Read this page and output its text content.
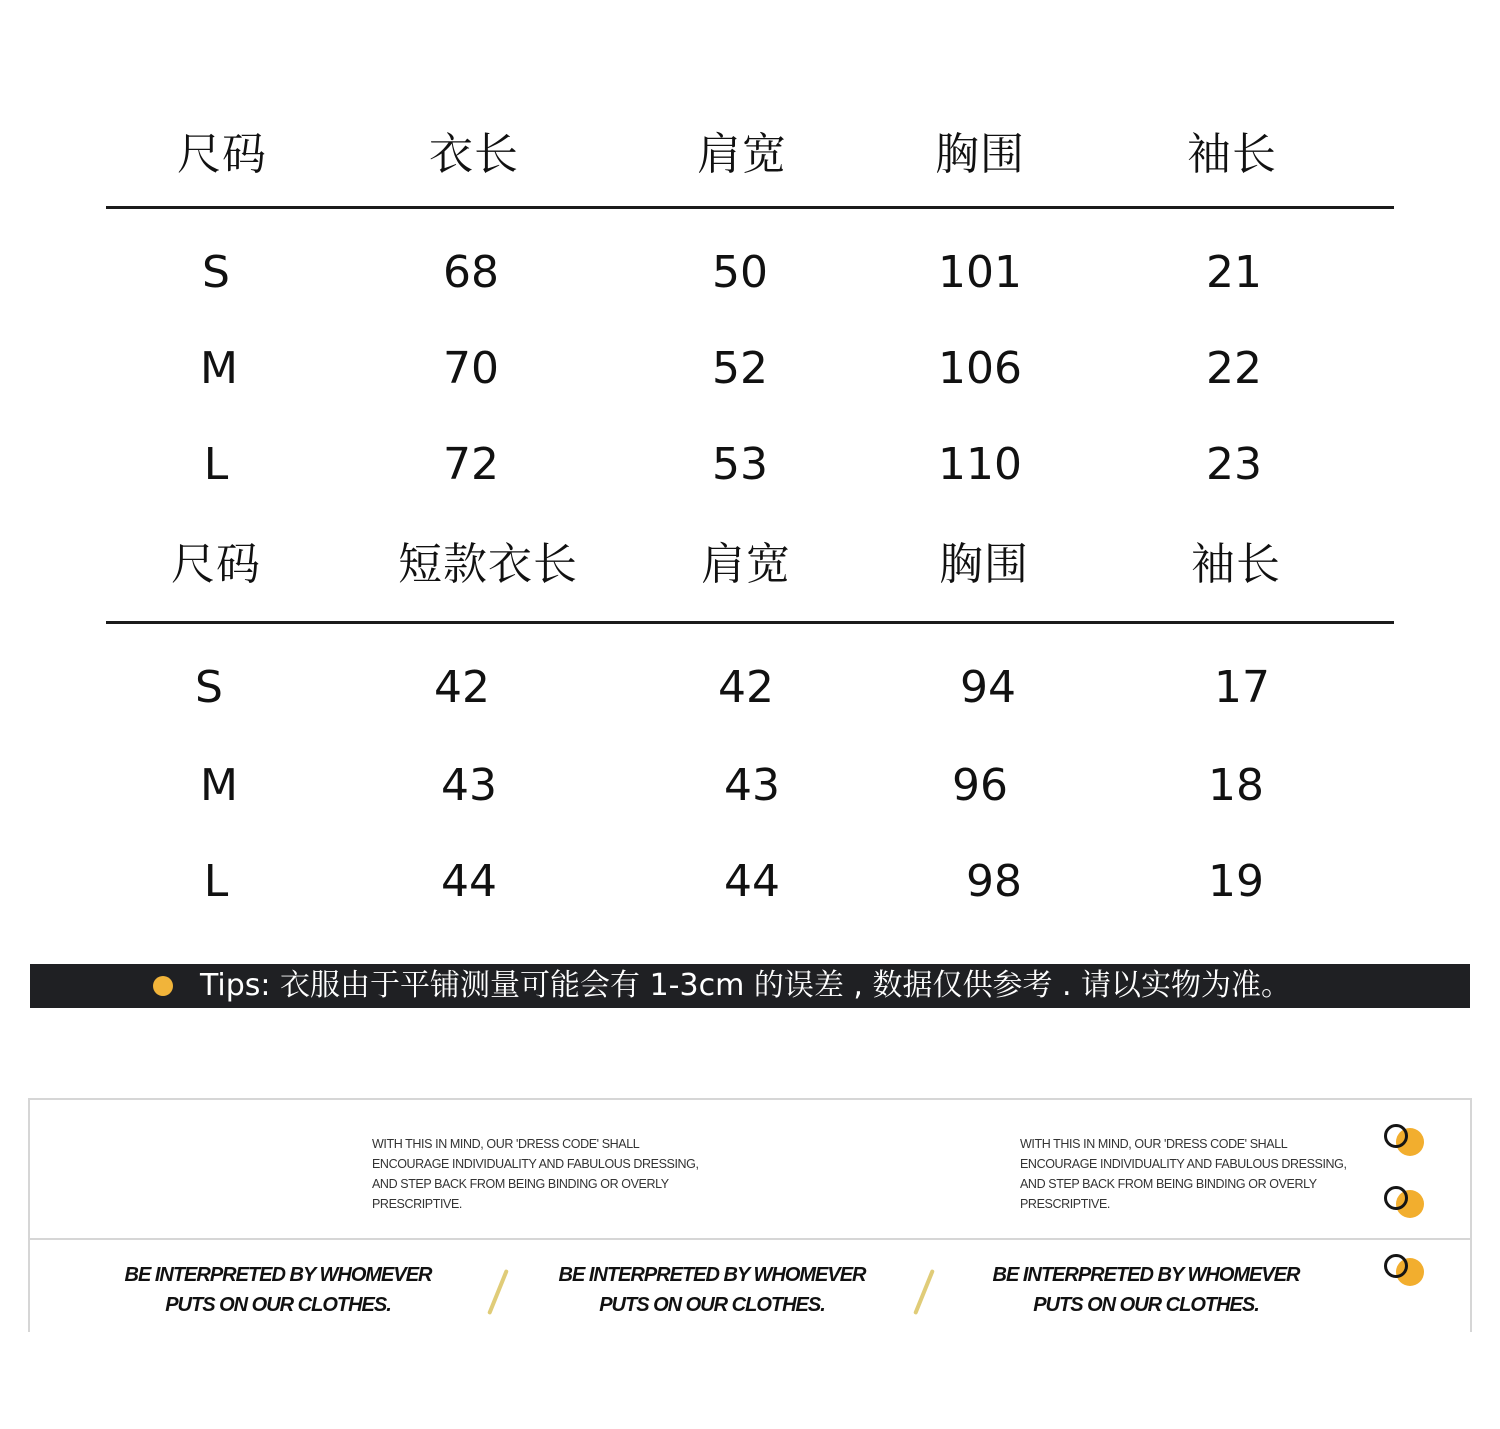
尺码	衣长	肩宽	胸围	袖长
S	68	50	101	21
M	70	52	106	22
L	72	53	110	23
尺码	短款衣长	肩宽	胸围	袖长
S	42	42	94	17
M	43	43	96	18
L	44	44	98	19
Tips: 衣服由于平铺测量可能会有 1-3cm 的误差 , 数据仅供参考 . 请以实物为准。
WITH THIS IN MIND, OUR 'DRESS CODE' SHALL ENCOURAGE INDIVIDUALITY AND FABULOUS DRESSING, AND STEP BACK FROM BEING BINDING OR OVERLY PRESCRIPTIVE.
WITH THIS IN MIND, OUR 'DRESS CODE' SHALL ENCOURAGE INDIVIDUALITY AND FABULOUS DRESSING, AND STEP BACK FROM BEING BINDING OR OVERLY PRESCRIPTIVE.
BE INTERPRETED BY WHOMEVER
PUTS ON OUR CLOTHES.
BE INTERPRETED BY WHOMEVER
PUTS ON OUR CLOTHES.
BE INTERPRETED BY WHOMEVER
PUTS ON OUR CLOTHES.
